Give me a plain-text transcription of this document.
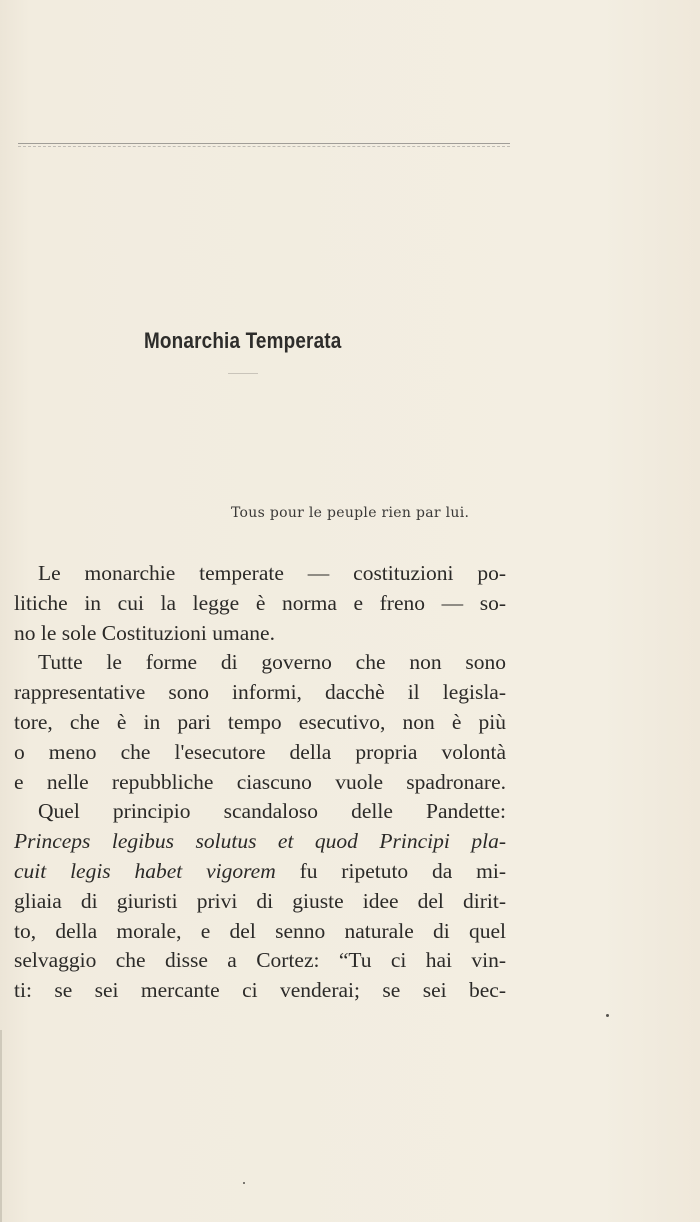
Monarchia Temperata
Tous pour le peuple rien par lui.
Le monarchie temperate — costituzioni po-
litiche in cui la legge è norma e freno — so-
no le sole Costituzioni umane.
Tutte le forme di governo che non sono
rappresentative sono informi, dacchè il legisla-
tore, che è in pari tempo esecutivo, non è più
o meno che l'esecutore della propria volontà
e nelle repubbliche ciascuno vuole spadronare.
Quel principio scandaloso delle Pandette:
Princeps legibus solutus et quod Principi pla-
cuit legis habet vigorem fu ripetuto da mi-
gliaia di giuristi privi di giuste idee del dirit-
to, della morale, e del senno naturale di quel
selvaggio che disse a Cortez: “Tu ci hai vin-
ti: se sei mercante ci venderai; se sei bec-
